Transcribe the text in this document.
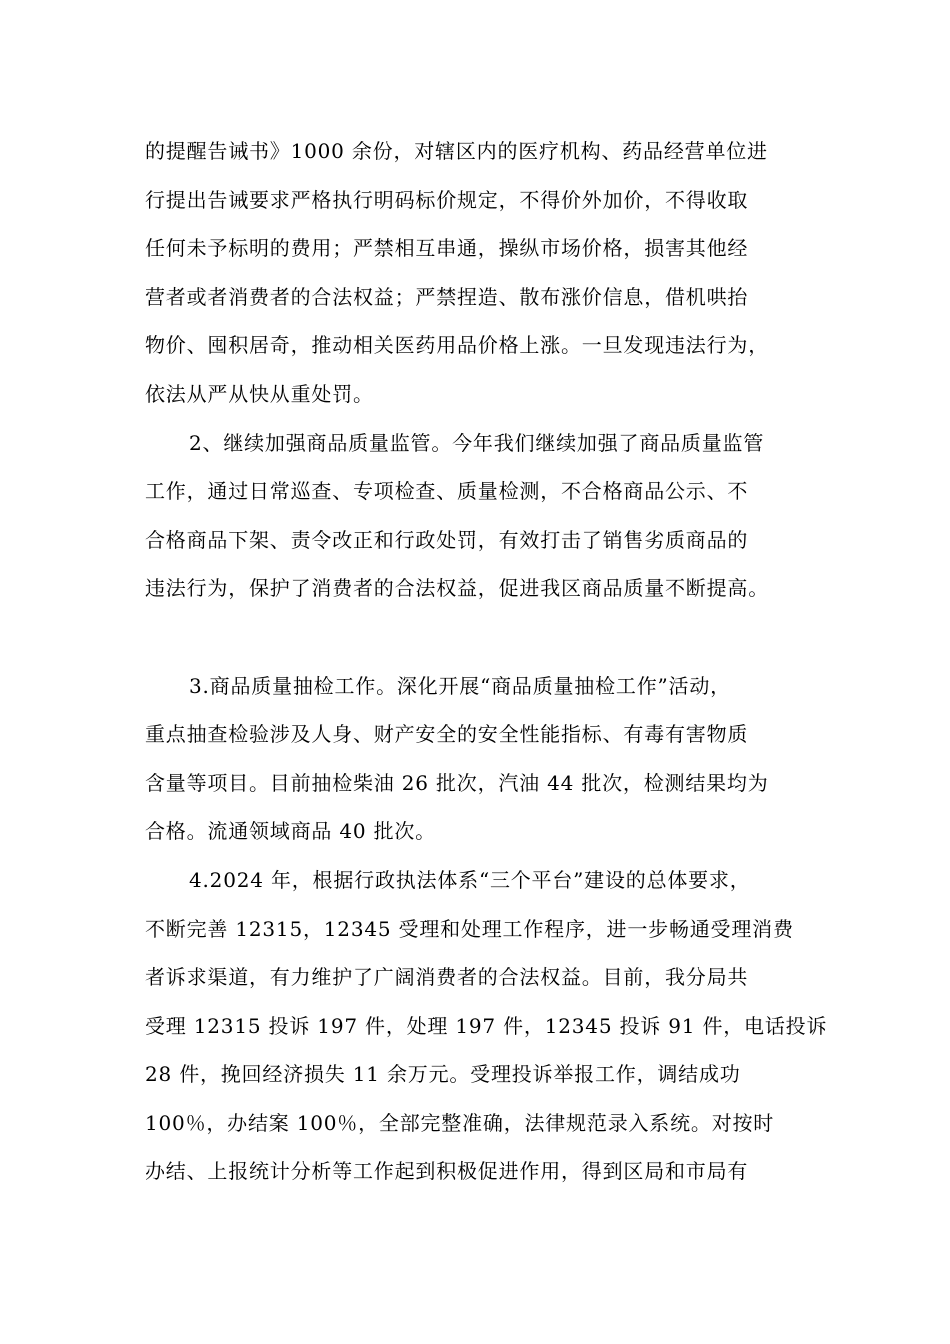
的提醒告诫书》1000 余份，对辖区内的医疗机构、药品经营单位进
行提出告诫要求严格执行明码标价规定，不得价外加价，不得收取
任何未予标明的费用；严禁相互串通，操纵市场价格，损害其他经
营者或者消费者的合法权益；严禁捏造、散布涨价信息，借机哄抬
物价、囤积居奇，推动相关医药用品价格上涨。一旦发现违法行为，
依法从严从快从重处罚。
2、继续加强商品质量监管。今年我们继续加强了商品质量监管
工作，通过日常巡查、专项检查、质量检测，不合格商品公示、不
合格商品下架、责令改正和行政处罚，有效打击了销售劣质商品的
违法行为，保护了消费者的合法权益，促进我区商品质量不断提高。
3.商品质量抽检工作。深化开展“商品质量抽检工作”活动，
重点抽查检验涉及人身、财产安全的安全性能指标、有毒有害物质
含量等项目。目前抽检柴油 26 批次，汽油 44 批次，检测结果均为
合格。流通领域商品 40 批次。
4.2024 年，根据行政执法体系“三个平台”建设的总体要求，
不断完善 12315，12345 受理和处理工作程序，进一步畅通受理消费
者诉求渠道，有力维护了广阔消费者的合法权益。目前，我分局共
受理 12315 投诉 197 件，处理 197 件，12345 投诉 91 件，电话投诉
28 件，挽回经济损失 11 余万元。受理投诉举报工作，调结成功
100％，办结案 100％，全部完整准确，法律规范录入系统。对按时
办结、上报统计分析等工作起到积极促进作用，得到区局和市局有
